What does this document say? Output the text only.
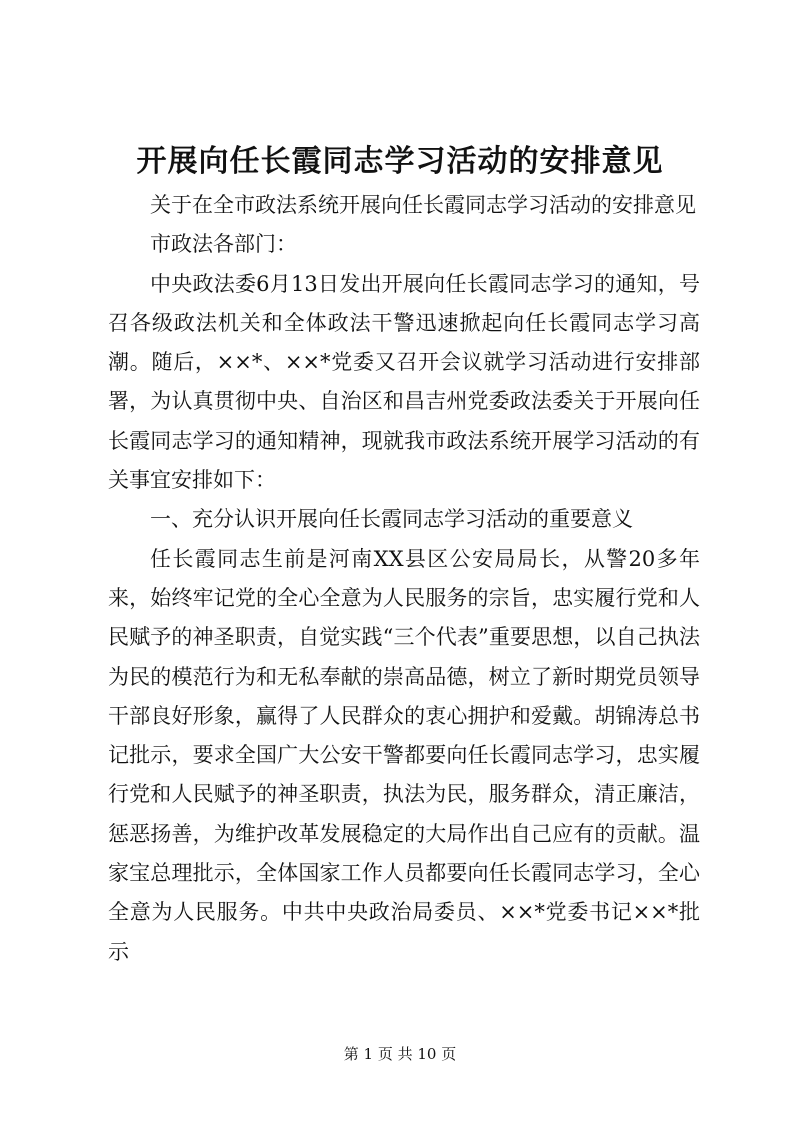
开展向任长霞同志学习活动的安排意见

关于在全市政法系统开展向任长霞同志学习活动的安排意见

市政法各部门：

中央政法委6月13日发出开展向任长霞同志学习的通知，号召各级政法机关和全体政法干警迅速掀起向任长霞同志学习高潮。随后，××*、××*党委又召开会议就学习活动进行安排部署，为认真贯彻中央、自治区和昌吉州党委政法委关于开展向任长霞同志学习的通知精神，现就我市政法系统开展学习活动的有关事宜安排如下：

一、充分认识开展向任长霞同志学习活动的重要意义

任长霞同志生前是河南XX县区公安局局长，从警20多年来，始终牢记党的全心全意为人民服务的宗旨，忠实履行党和人民赋予的神圣职责，自觉实践“三个代表”重要思想，以自己执法为民的模范行为和无私奉献的崇高品德，树立了新时期党员领导干部良好形象，赢得了人民群众的衷心拥护和爱戴。胡锦涛总书记批示，要求全国广大公安干警都要向任长霞同志学习，忠实履行党和人民赋予的神圣职责，执法为民，服务群众，清正廉洁，惩恶扬善，为维护改革发展稳定的大局作出自己应有的贡献。温家宝总理批示，全体国家工作人员都要向任长霞同志学习，全心全意为人民服务。中共中央政治局委员、××*党委书记××*批示

第 1 页 共 10 页
